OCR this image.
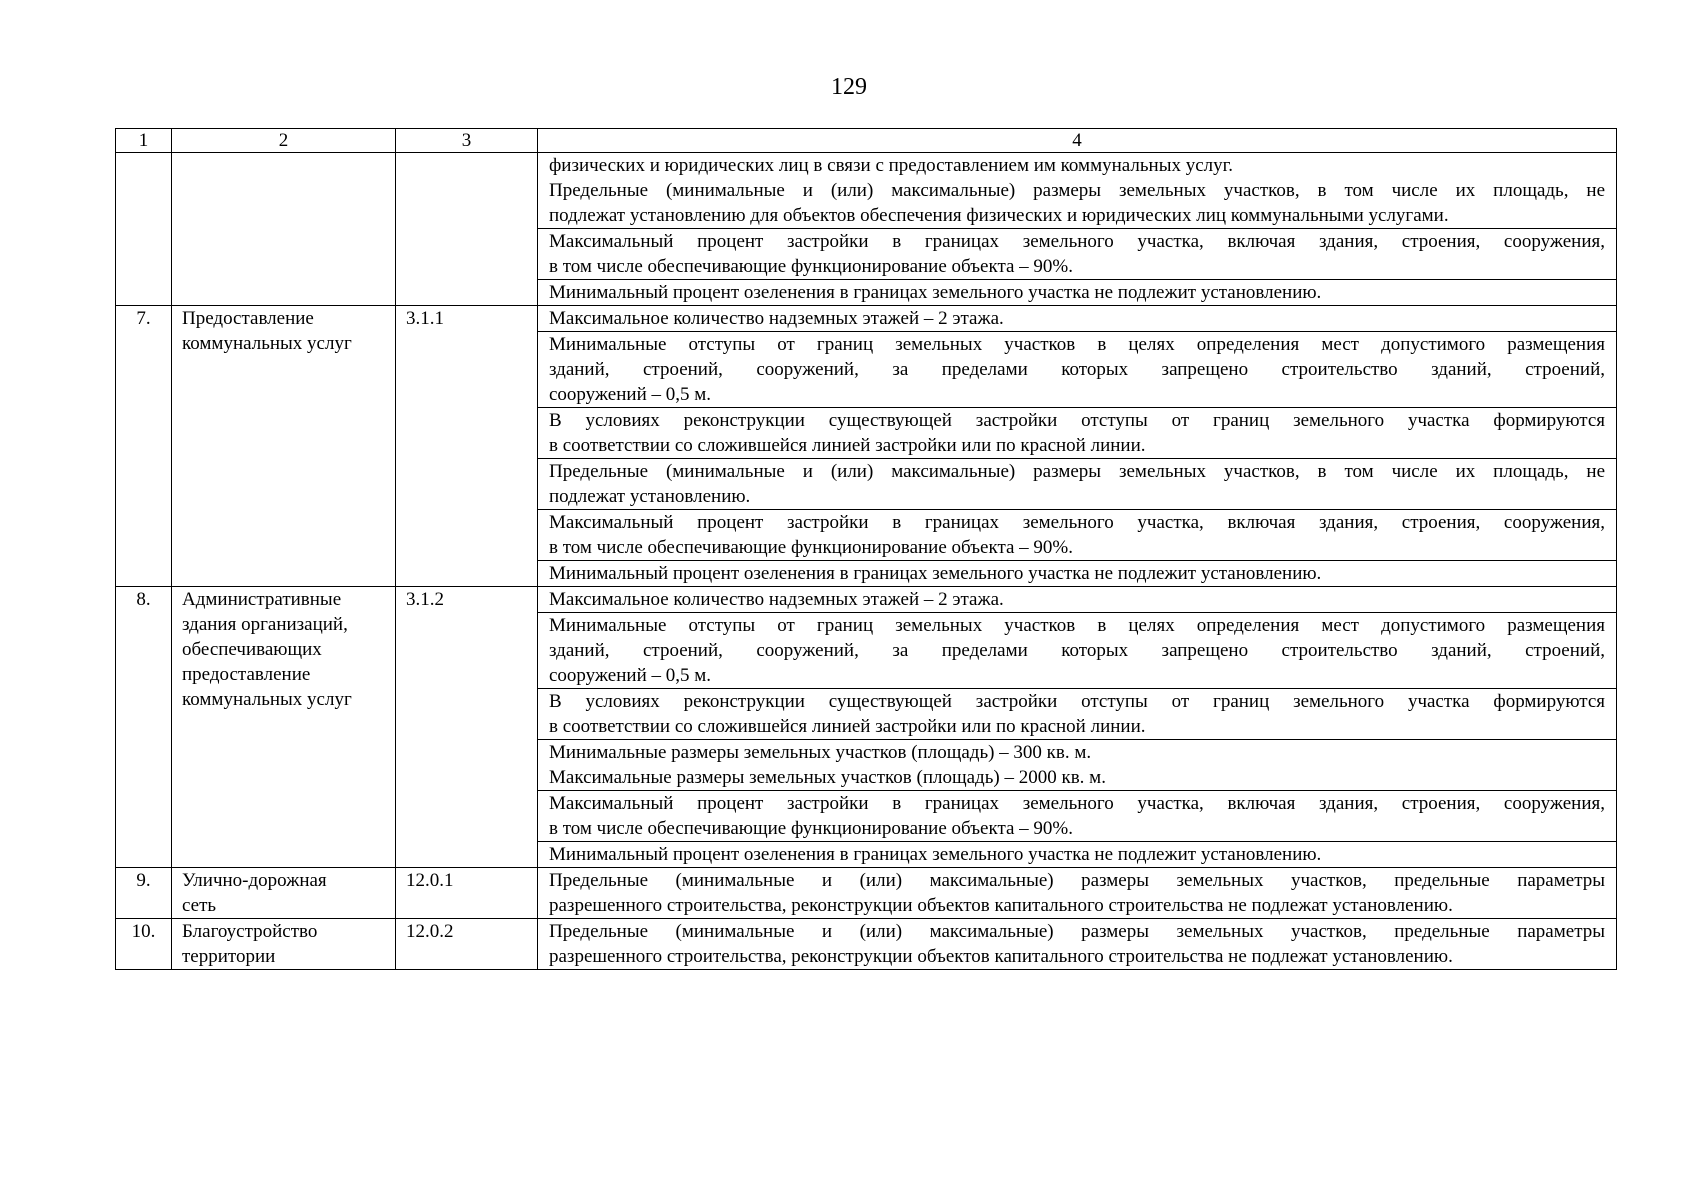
129
1	2	3	4

			физических и юридических лиц в связи с предоставлением им коммунальных услуг.
Предельные (минимальные и (или) максимальные) размеры земельных участков, в том числе их площадь, не
подлежат установлению для объектов обеспечения физических и юридических лиц коммунальными услугами.

			Максимальный процент застройки в границах земельного участка, включая здания, строения, сооружения,
в том числе обеспечивающие функционирование объекта – 90%.

			Минимальный процент озеленения в границах земельного участка не подлежит установлению.

7.	Предоставление
коммунальных услуг	3.1.1	Максимальное количество надземных этажей – 2 этажа.

			Минимальные отступы от границ земельных участков в целях определения мест допустимого размещения
зданий, строений, сооружений, за пределами которых запрещено строительство зданий, строений,
сооружений – 0,5 м.

			В условиях реконструкции существующей застройки отступы от границ земельного участка формируются
в соответствии со сложившейся линией застройки или по красной линии.

			Предельные (минимальные и (или) максимальные) размеры земельных участков, в том числе их площадь, не
подлежат установлению.

			Максимальный процент застройки в границах земельного участка, включая здания, строения, сооружения,
в том числе обеспечивающие функционирование объекта – 90%.

			Минимальный процент озеленения в границах земельного участка не подлежит установлению.

8.	Административные
здания организаций,
обеспечивающих
предоставление
коммунальных услуг	3.1.2	Максимальное количество надземных этажей – 2 этажа.

			Минимальные отступы от границ земельных участков в целях определения мест допустимого размещения
зданий, строений, сооружений, за пределами которых запрещено строительство зданий, строений,
сооружений – 0,5 м.

			В условиях реконструкции существующей застройки отступы от границ земельного участка формируются
в соответствии со сложившейся линией застройки или по красной линии.

			Минимальные размеры земельных участков (площадь) – 300 кв. м.
Максимальные размеры земельных участков (площадь) – 2000 кв. м.

			Максимальный процент застройки в границах земельного участка, включая здания, строения, сооружения,
в том числе обеспечивающие функционирование объекта – 90%.

			Минимальный процент озеленения в границах земельного участка не подлежит установлению.

9.	Улично-дорожная
сеть	12.0.1	Предельные (минимальные и (или) максимальные) размеры земельных участков, предельные параметры
разрешенного строительства, реконструкции объектов капитального строительства не подлежат установлению.

10.	Благоустройство
территории	12.0.2	Предельные (минимальные и (или) максимальные) размеры земельных участков, предельные параметры
разрешенного строительства, реконструкции объектов капитального строительства не подлежат установлению.
